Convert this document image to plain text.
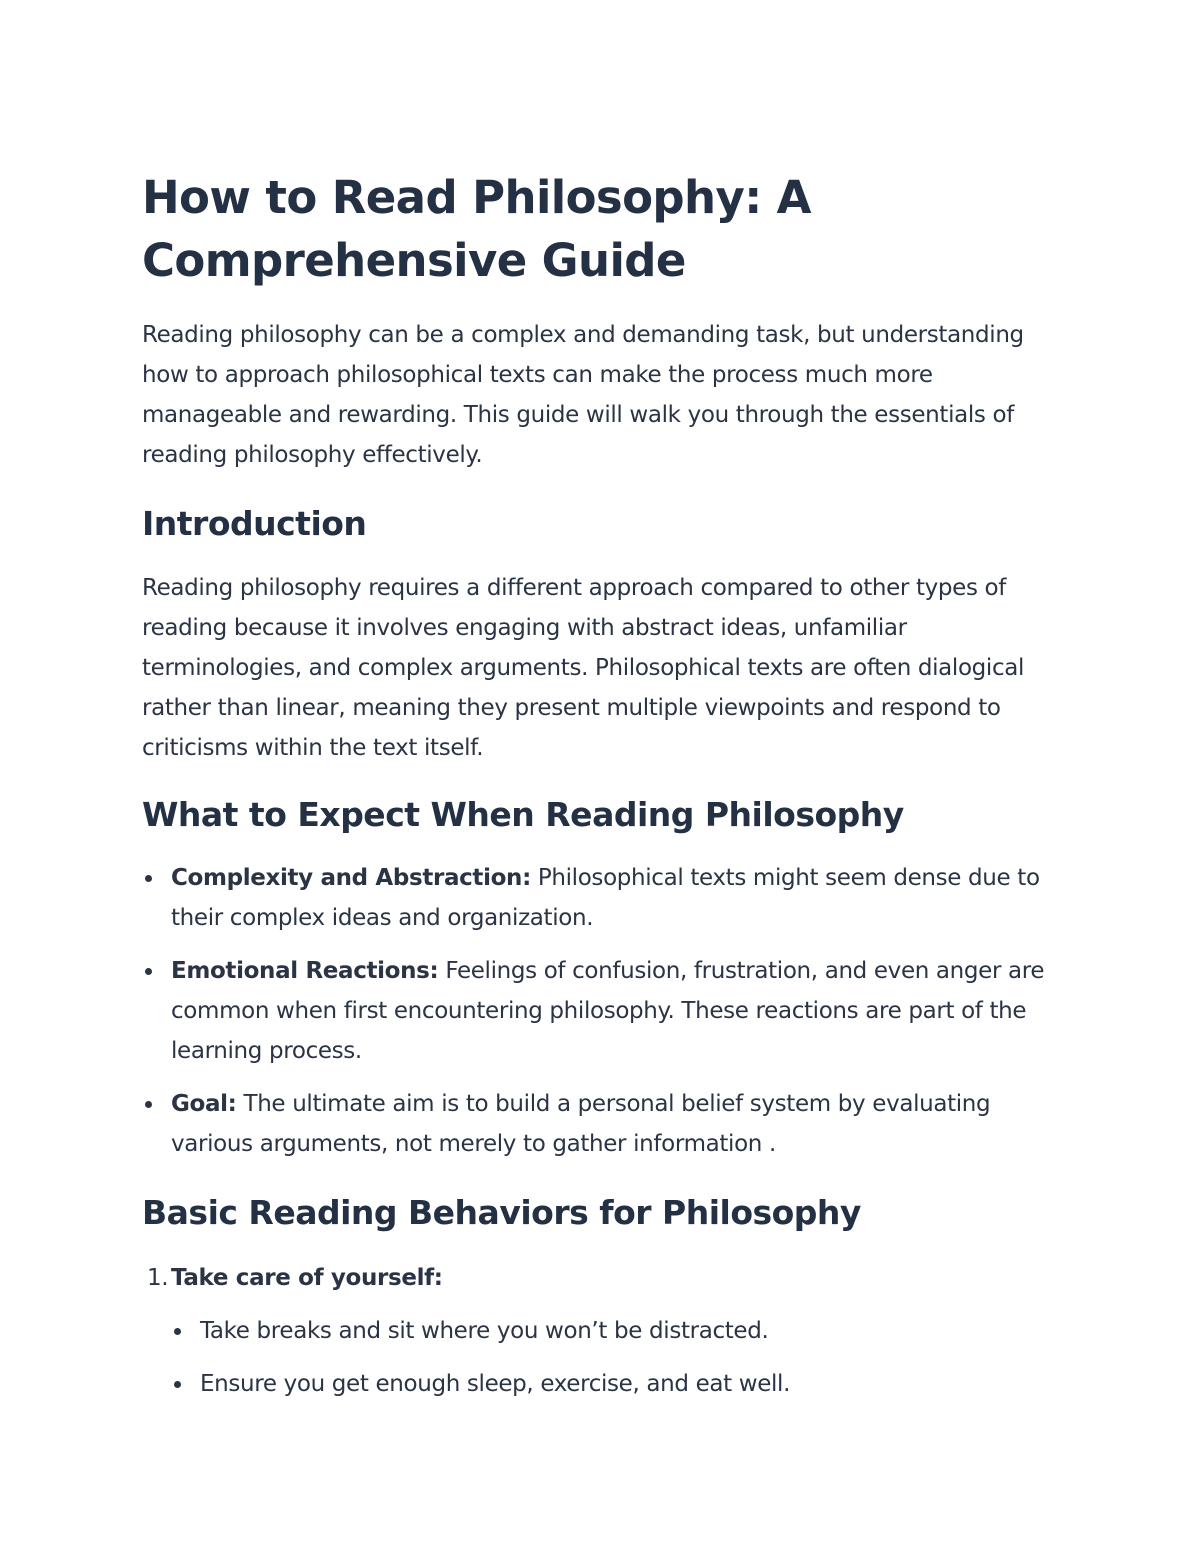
How to Read Philosophy: A Comprehensive Guide

Reading philosophy can be a complex and demanding task, but understanding how to approach philosophical texts can make the process much more manageable and rewarding. This guide will walk you through the essentials of reading philosophy effectively.

Introduction

Reading philosophy requires a different approach compared to other types of reading because it involves engaging with abstract ideas, unfamiliar terminologies, and complex arguments. Philosophical texts are often dialogical rather than linear, meaning they present multiple viewpoints and respond to criticisms within the text itself.

What to Expect When Reading Philosophy
Complexity and Abstraction: Philosophical texts might seem dense due to their complex ideas and organization.
Emotional Reactions: Feelings of confusion, frustration, and even anger are common when first encountering philosophy. These reactions are part of the learning process.
Goal: The ultimate aim is to build a personal belief system by evaluating various arguments, not merely to gather information .
Basic Reading Behaviors for Philosophy
1. Take care of yourself:
Take breaks and sit where you won’t be distracted.
Ensure you get enough sleep, exercise, and eat well.
